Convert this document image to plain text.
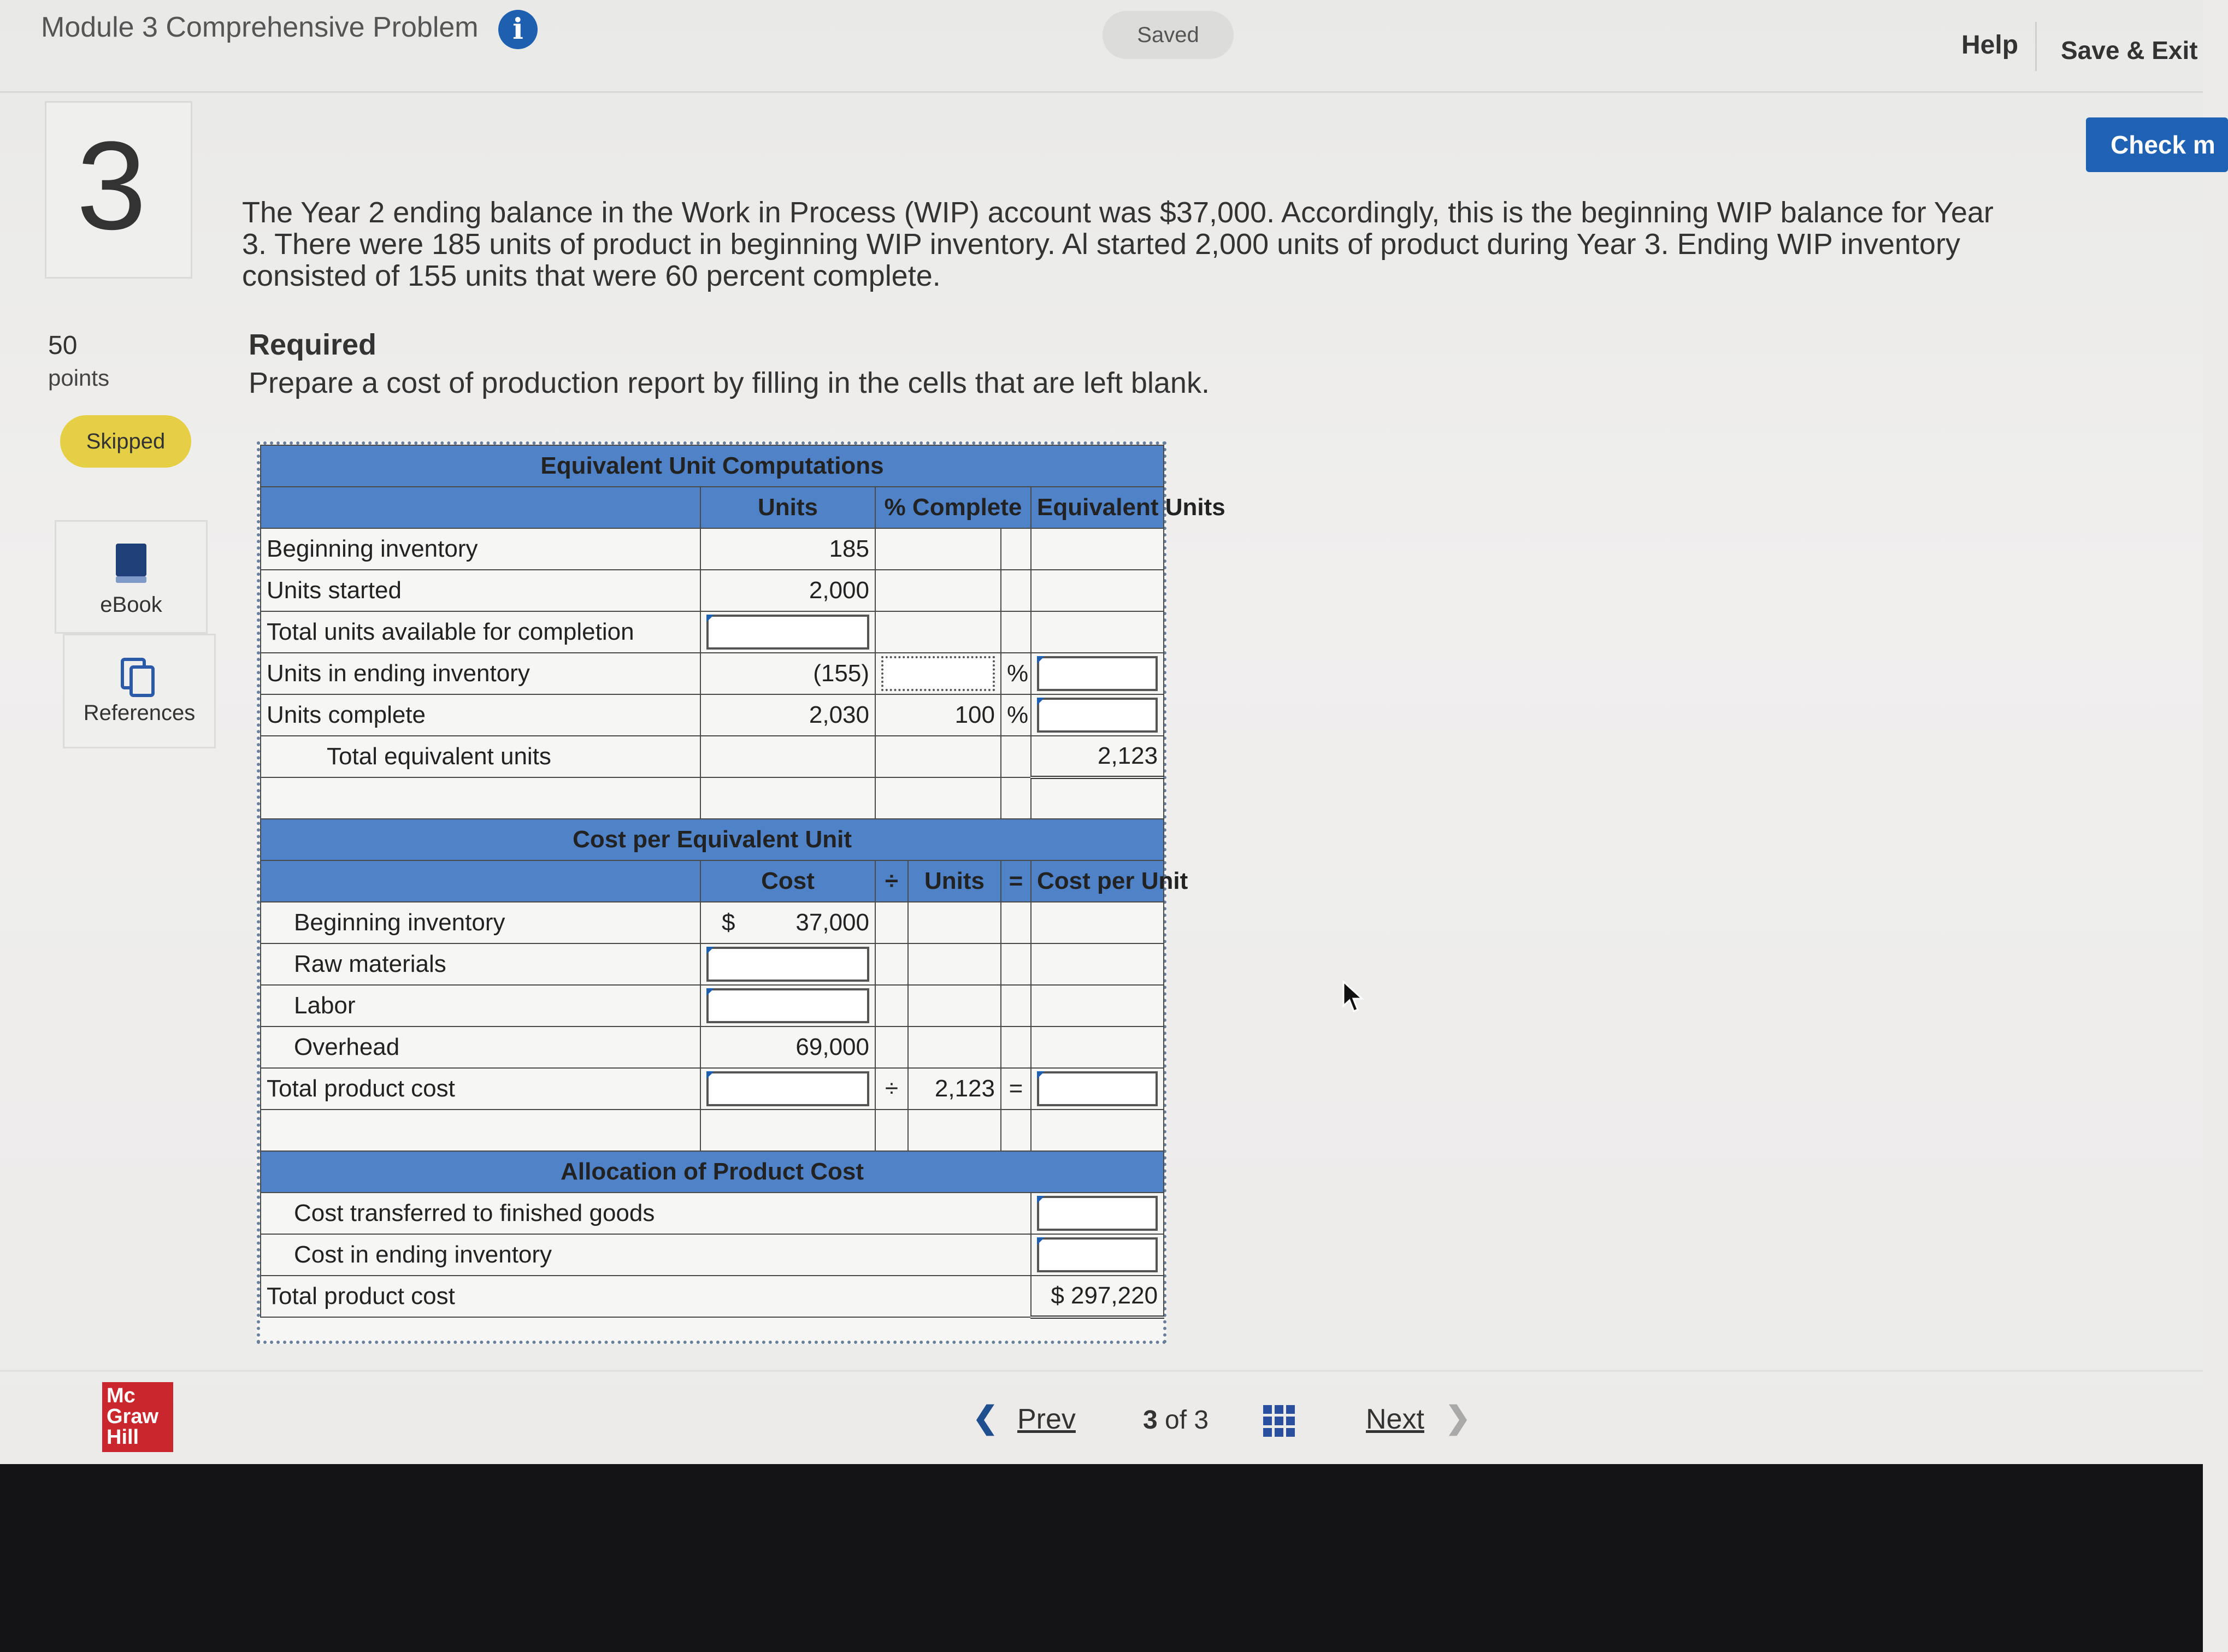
Module 3 Comprehensive Problem	i	Saved	Help Save & Exit
Check m
3
50
points
Skipped
eBook
References
The Year 2 ending balance in the Work in Process (WIP) account was $37,000. Accordingly, this is the beginning WIP balance for Year 3. There were 185 units of product in beginning WIP inventory. Al started 2,000 units of product during Year 3. Ending WIP inventory consisted of 155 units that were 60 percent complete.
Required
Prepare a cost of production report by filling in the cells that are left blank.
Equivalent Unit Computations					
	Units	% Complete			Equivalent Units
Beginning inventory	185				
Units started	2,000				
Total units available for completion		

Units in ending inventory	(155)			%	

Units complete	2,030	100		%	

Total equivalent units					2,123

Cost per Equivalent Unit					
	Cost	÷	Units	=	Cost per Unit
Beginning inventory	$ 37,000				
Raw materials	

Labor	

Overhead	69,000				
Total product cost		÷	2,123	=	

Allocation of Product Cost					
Cost transferred to finished goods					

Cost in ending inventory					

Total product cost					$ 297,220
Mc
Graw
Hill
❮ Prev	3 of 3	Next ❯
